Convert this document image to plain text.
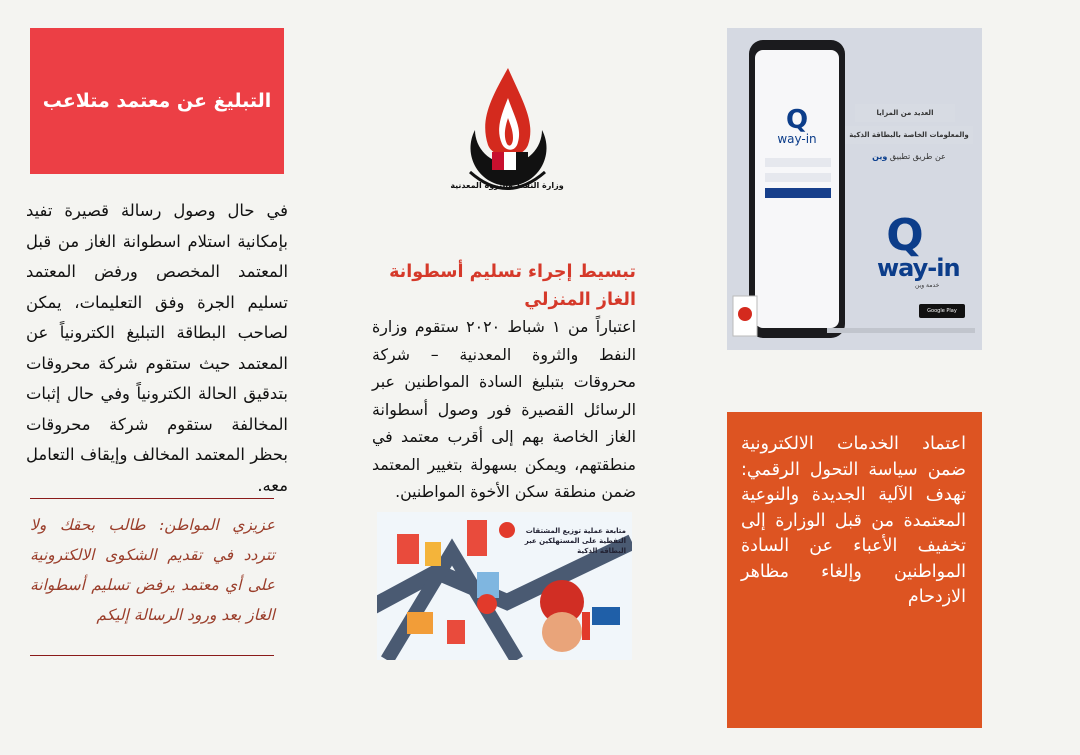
التبليغ عن معتمد متلاعب
في حال وصول رسالة قصيرة تفيد بإمكانية استلام اسطوانة الغاز من قبل المعتمد المخصص ورفض المعتمد تسليم الجرة وفق التعليمات، يمكن لصاحب البطاقة التبليغ الكترونياً عن المعتمد حيث ستقوم شركة محروقات بتدقيق الحالة الكترونياً وفي حال إثبات المخالفة ستقوم شركة محروقات بحظر المعتمد المخالف وإيقاف التعامل معه.
عزيزي المواطن: طالب بحقك ولا تتردد في تقديم الشكوى الالكترونية على أي معتمد يرفض تسليم أسطوانة الغاز بعد ورود الرسالة إليكم
وزارة النفط والثروة المعدنية
تبسيط إجراء تسليم أسطوانة الغاز المنزلي
اعتباراً من ١ شباط ٢٠٢٠ ستقوم وزارة النفط والثروة المعدنية – شركة محروقات بتبليغ السادة المواطنين عبر الرسائل القصيرة فور وصول أسطوانة الغاز الخاصة بهم إلى أقرب معتمد في منطقتهم، ويمكن بسهولة بتغيير المعتمد ضمن منطقة سكن الأخوة المواطنين.
متابعة عملية توزيع المشتقات النفطية على المستهلكين عبر البطاقة الذكية
Q
way-in
Q
العديد من المزايا
والمعلومات الخاصة بالبطاقة الذكية
عن طريق تطبيق وين
way-in
خدمة وين
Google Play
اعتماد الخدمات الالكترونية ضمن سياسة التحول الرقمي: تهدف الآلية الجديدة والنوعية المعتمدة من قبل الوزارة إلى تخفيف الأعباء عن السادة المواطنين وإلغاء مظاهر الازدحام
